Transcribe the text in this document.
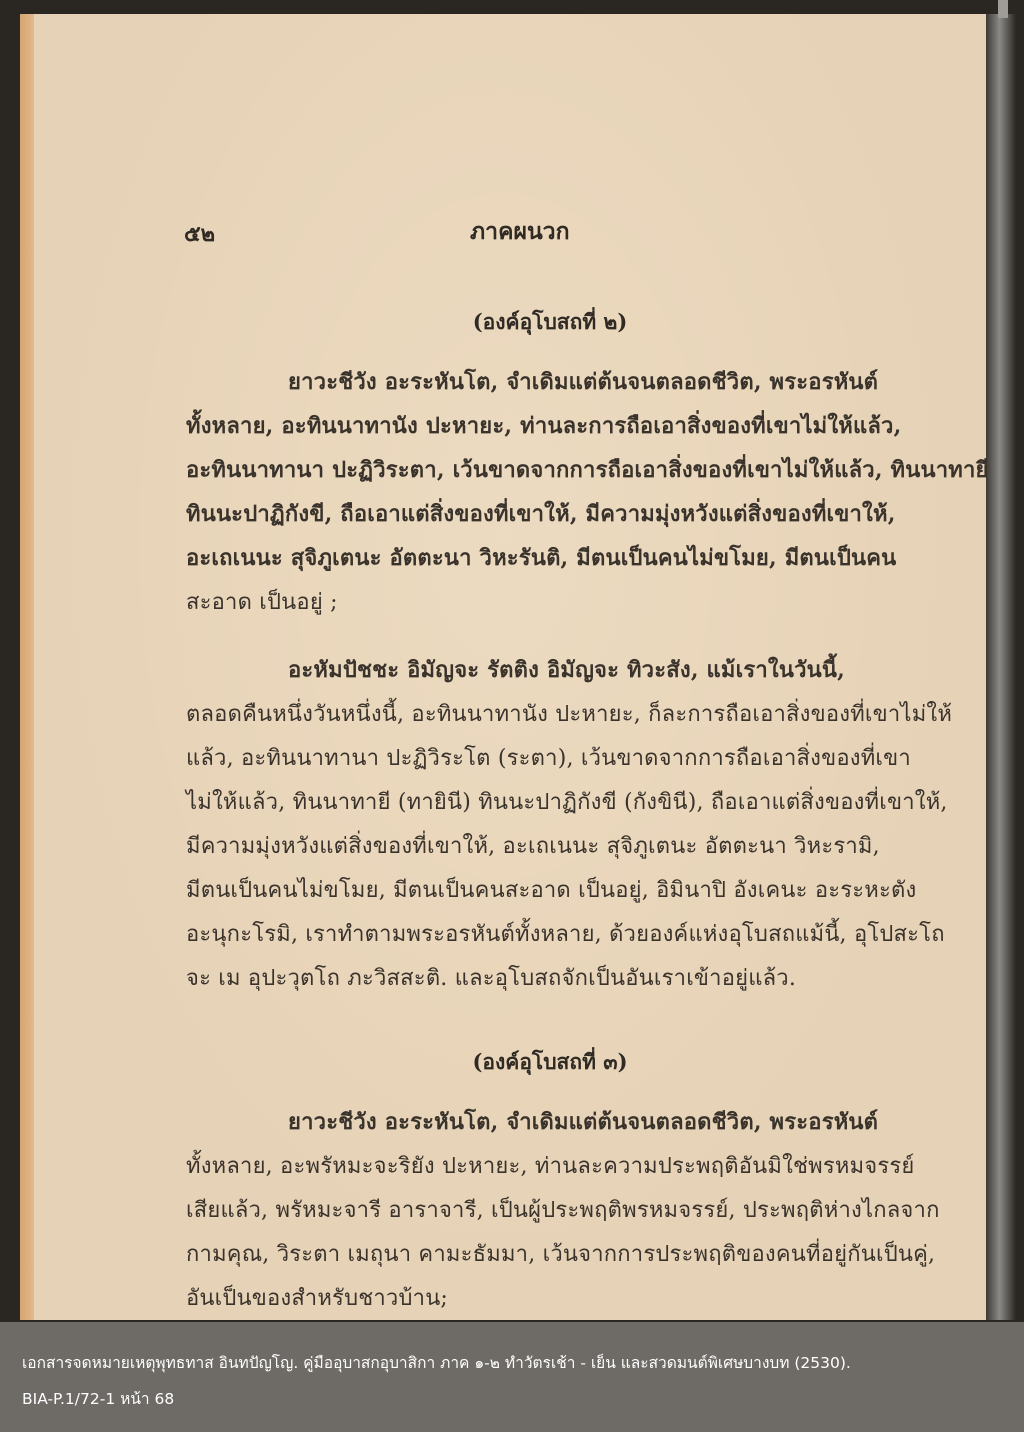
๕๒	ภาคผนวก
(องค์อุโบสถที่ ๒)
ยาวะชีวัง อะระหันโต, จำเดิมแต่ต้นจนตลอดชีวิต, พระอรหันต์
ทั้งหลาย, อะทินนาทานัง ปะหายะ, ท่านละการถือเอาสิ่งของที่เขาไม่ให้แล้ว,
อะทินนาทานา ปะฏิวิระตา, เว้นขาดจากการถือเอาสิ่งของที่เขาไม่ให้แล้ว, ทินนาทายี
ทินนะปาฏิกังขี, ถือเอาแต่สิ่งของที่เขาให้, มีความมุ่งหวังแต่สิ่งของที่เขาให้,
อะเถเนนะ สุจิภูเตนะ อัตตะนา วิหะรันติ, มีตนเป็นคนไม่ขโมย, มีตนเป็นคน
สะอาด เป็นอยู่ ;
อะหัมปัชชะ อิมัญจะ รัตติง อิมัญจะ ทิวะสัง, แม้เราในวันนี้,
ตลอดคืนหนึ่งวันหนึ่งนี้, อะทินนาทานัง ปะหายะ, ก็ละการถือเอาสิ่งของที่เขาไม่ให้
แล้ว, อะทินนาทานา ปะฏิวิระโต (ระตา), เว้นขาดจากการถือเอาสิ่งของที่เขา
ไม่ให้แล้ว, ทินนาทายี (ทายินี) ทินนะปาฏิกังขี (กังขินี), ถือเอาแต่สิ่งของที่เขาให้,
มีความมุ่งหวังแต่สิ่งของที่เขาให้, อะเถเนนะ สุจิภูเตนะ อัตตะนา วิหะรามิ,
มีตนเป็นคนไม่ขโมย, มีตนเป็นคนสะอาด เป็นอยู่, อิมินาปิ อังเคนะ อะระหะตัง
อะนุกะโรมิ, เราทำตามพระอรหันต์ทั้งหลาย, ด้วยองค์แห่งอุโบสถแม้นี้, อุโปสะโถ
จะ เม อุปะวุตโถ ภะวิสสะติ. และอุโบสถจักเป็นอันเราเข้าอยู่แล้ว.
(องค์อุโบสถที่ ๓)
ยาวะชีวัง อะระหันโต, จำเดิมแต่ต้นจนตลอดชีวิต, พระอรหันต์
ทั้งหลาย, อะพรัหมะจะริยัง ปะหายะ, ท่านละความประพฤติอันมิใช่พรหมจรรย์
เสียแล้ว, พรัหมะจารี อาราจารี, เป็นผู้ประพฤติพรหมจรรย์, ประพฤติห่างไกลจาก
กามคุณ, วิระตา เมถุนา คามะธัมมา, เว้นจากการประพฤติของคนที่อยู่กันเป็นคู่,
อันเป็นของสำหรับชาวบ้าน;
เอกสารจดหมายเหตุพุทธทาส อินทปัญโญ. คู่มืออุบาสกอุบาสิกา ภาค ๑-๒ ทำวัตรเช้า - เย็น และสวดมนต์พิเศษบางบท (2530).
BIA-P.1/72-1 หน้า 68
